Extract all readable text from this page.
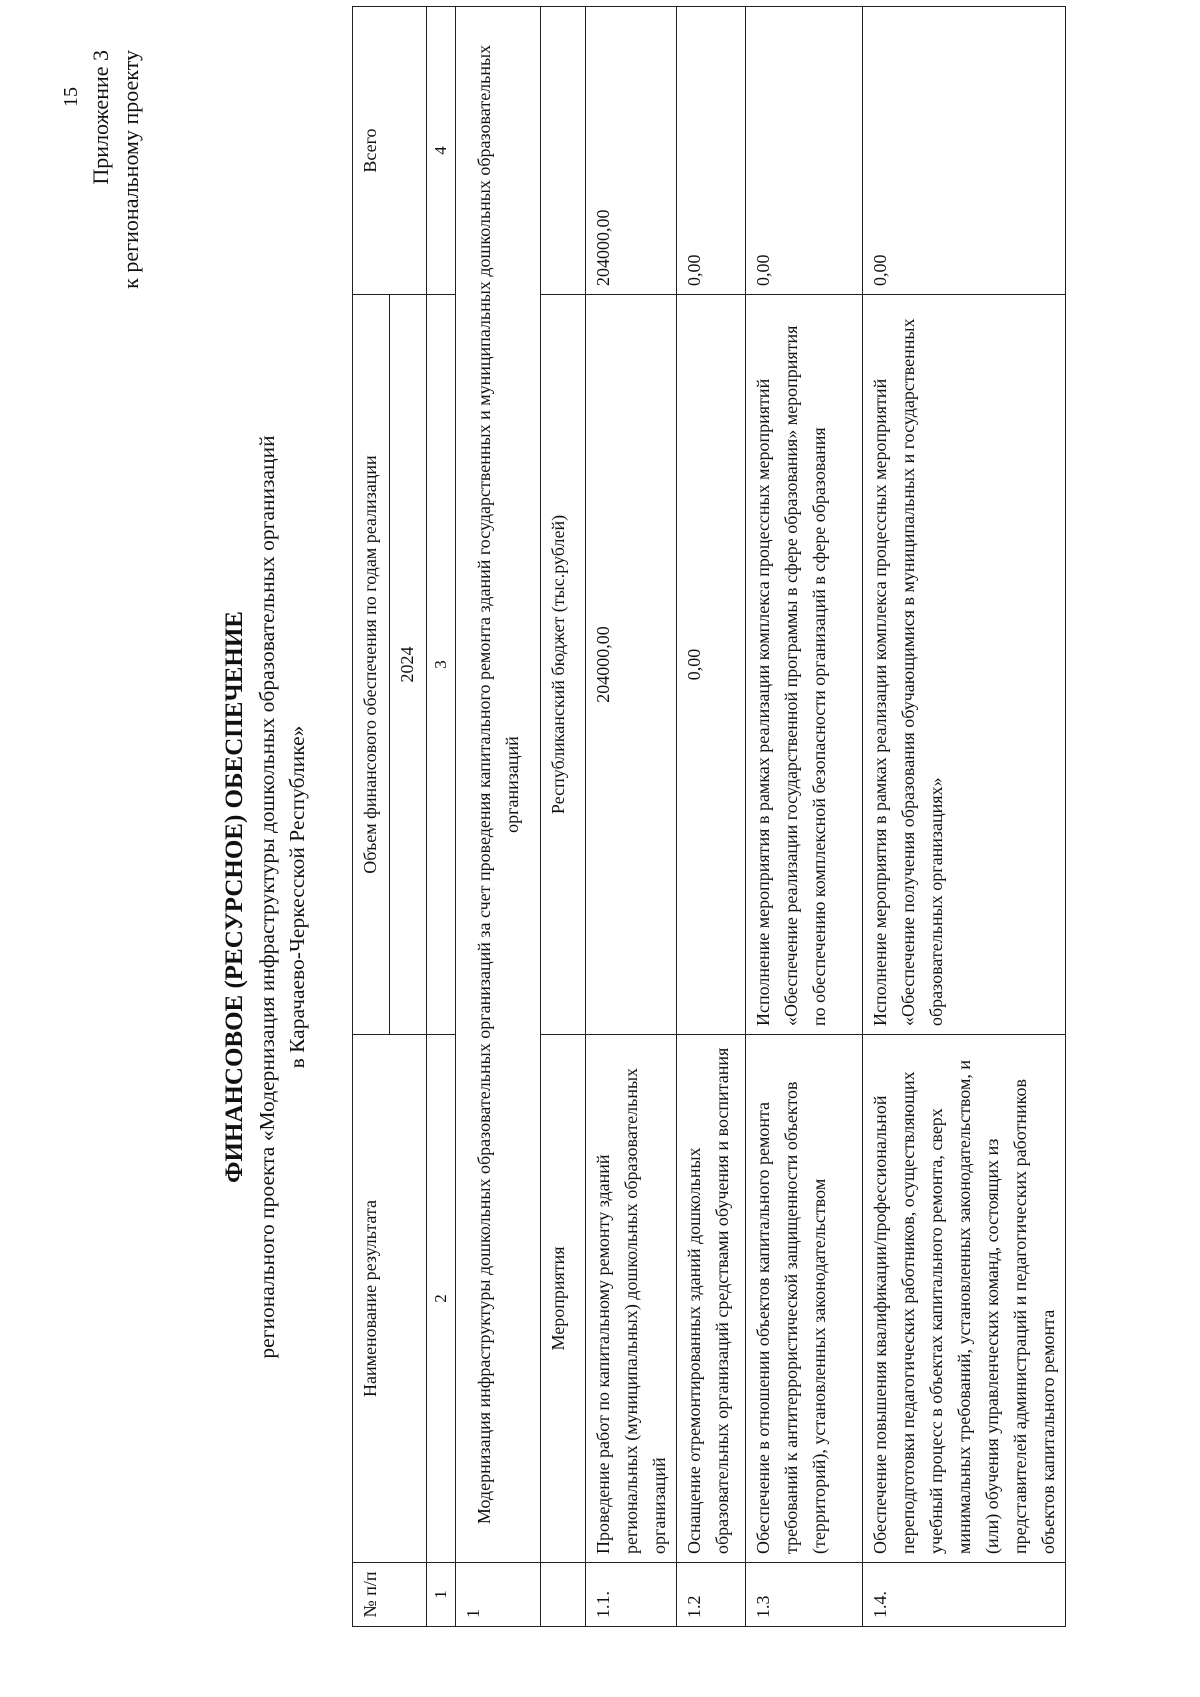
15 Приложение 3 к региональному проекту
ФИНАНСОВОЕ (РЕСУРСНОЕ) ОБЕСПЕЧЕНИЕ регионального проекта «Модернизация инфраструктуры дошкольных образовательных организаций в Карачаево-Черкесской Республике»
№ п/п	Наименование результата	Объем финансового обеспечения по годам реализации	Всего
		2024	
1	2	3	4
1	Модернизация инфраструктуры дошкольных образовательных организаций за счет проведения капитального ремонта зданий государственных и муниципальных дошкольных образовательных организаций		
	Мероприятия	Республиканский бюджет (тыс.рублей)	
1.1.	Проведение работ по капитальному ремонту зданий региональных (муниципальных) дошкольных образовательных организаций	204000,00	204000,00
1.2	Оснащение отремонтированных зданий дошкольных образовательных организаций средствами обучения и воспитания	0,00	0,00
1.3	Обеспечение в отношении объектов капитального ремонта требований к антитеррористической защищенности объектов (территорий), установленных законодательством	Исполнение мероприятия в рамках реализации комплекса процессных мероприятий «Обеспечение реализации государственной программы в сфере образования» мероприятия по обеспечению комплексной безопасности организаций в сфере образования	0,00
1.4.	Обеспечение повышения квалификации/профессиональной переподготовки педагогических работников, осуществляющих учебный процесс в объектах капитального ремонта, сверх минимальных требований, установленных законодательством, и (или) обучения управленческих команд, состоящих из представителей администраций и педагогических работников объектов капитального ремонта	Исполнение мероприятия в рамках реализации комплекса процессных мероприятий «Обеспечение получения образования обучающимися в муниципальных и государственных образовательных организациях»	0,00
